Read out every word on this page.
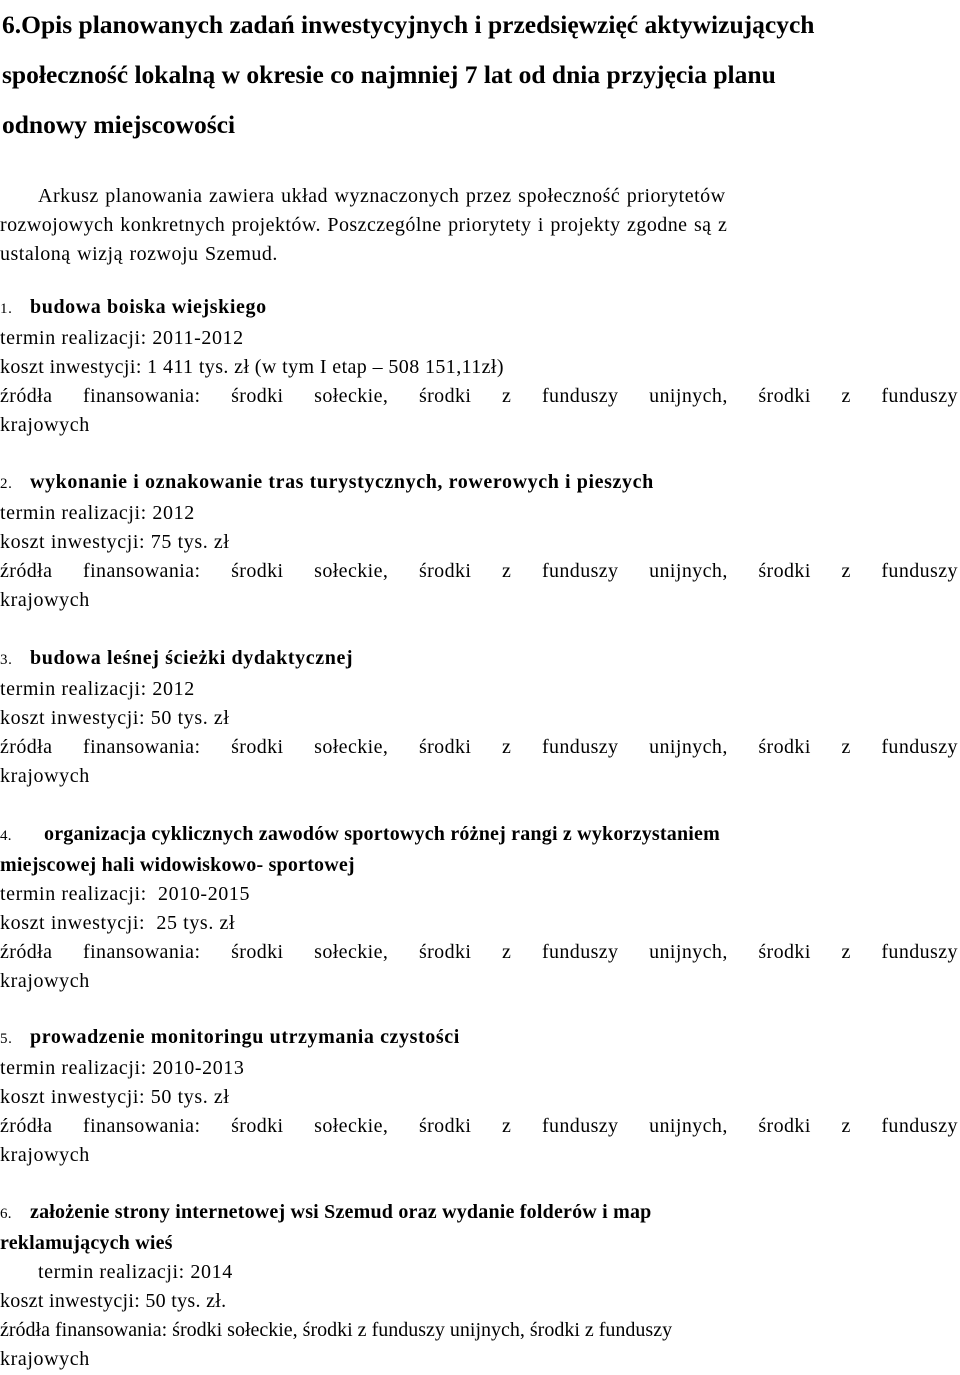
6.Opis planowanych zadań inwestycyjnych i przedsięwzięć aktywizujących
społeczność lokalną w okresie co najmniej 7 lat od dnia przyjęcia planu
odnowy miejscowości
Arkusz planowania zawiera układ wyznaczonych przez społeczność priorytetów
rozwojowych konkretnych projektów. Poszczególne priorytety i projekty zgodne są z
ustaloną wizją rozwoju Szemud.
1. budowa boiska wiejskiego
termin realizacji: 2011-2012
koszt inwestycji: 1 411 tys. zł (w tym I etap – 508 151,11zł)
źródła finansowania: środki sołeckie, środki z funduszy unijnych, środki z funduszy
krajowych
2. wykonanie i oznakowanie tras turystycznych, rowerowych i pieszych
termin realizacji: 2012
koszt inwestycji: 75 tys. zł
źródła finansowania: środki sołeckie, środki z funduszy unijnych, środki z funduszy
krajowych
3. budowa leśnej ścieżki dydaktycznej
termin realizacji: 2012
koszt inwestycji: 50 tys. zł
źródła finansowania: środki sołeckie, środki z funduszy unijnych, środki z funduszy
krajowych
4. organizacja cyklicznych zawodów sportowych różnej rangi z wykorzystaniem
miejscowej hali widowiskowo- sportowej
termin realizacji:  2010-2015
koszt inwestycji:  25 tys. zł
źródła finansowania: środki sołeckie, środki z funduszy unijnych, środki z funduszy
krajowych
5. prowadzenie monitoringu utrzymania czystości
termin realizacji: 2010-2013
koszt inwestycji: 50 tys. zł
źródła finansowania: środki sołeckie, środki z funduszy unijnych, środki z funduszy
krajowych
6. założenie strony internetowej wsi Szemud oraz wydanie folderów i map
reklamujących wieś
termin realizacji: 2014
koszt inwestycji: 50 tys. zł.
źródła finansowania: środki sołeckie, środki z funduszy unijnych, środki z funduszy
krajowych
